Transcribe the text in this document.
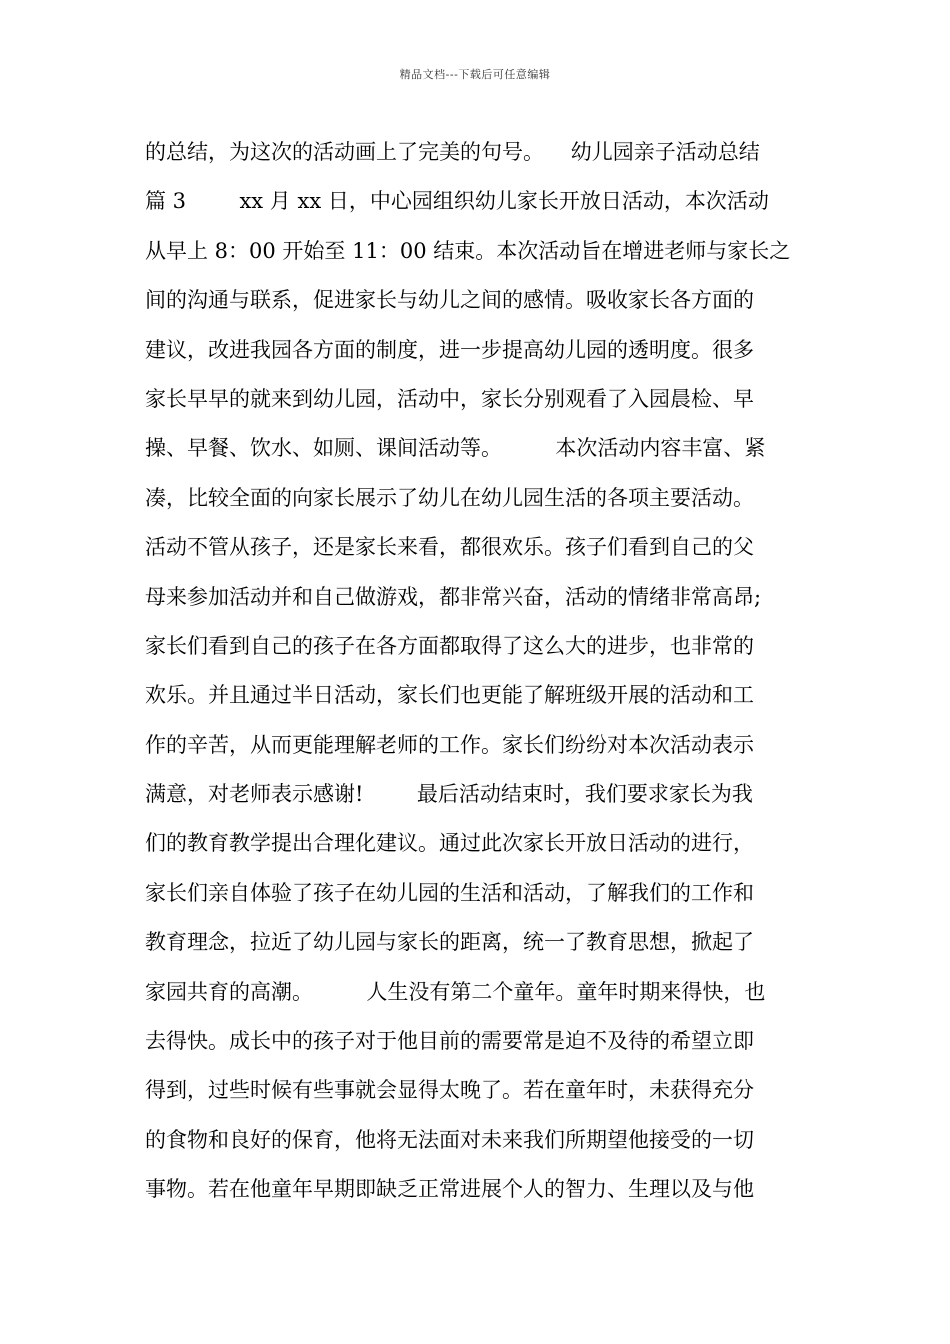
精品文档---下载后可任意编辑
的总结，为这次的活动画上了完美的句号。    幼儿园亲子活动总结
篇 3        xx 月 xx 日，中心园组织幼儿家长开放日活动，本次活动
从早上 8：00 开始至 11：00 结束。本次活动旨在增进老师与家长之
间的沟通与联系，促进家长与幼儿之间的感情。吸收家长各方面的
建议，改进我园各方面的制度，进一步提高幼儿园的透明度。很多
家长早早的就来到幼儿园，活动中，家长分别观看了入园晨检、早
操、早餐、饮水、如厕、课间活动等。        本次活动内容丰富、紧
凑，比较全面的向家长展示了幼儿在幼儿园生活的各项主要活动。
活动不管从孩子，还是家长来看，都很欢乐。孩子们看到自己的父
母来参加活动并和自己做游戏，都非常兴奋，活动的情绪非常高昂;
家长们看到自己的孩子在各方面都取得了这么大的进步，也非常的
欢乐。并且通过半日活动，家长们也更能了解班级开展的活动和工
作的辛苦，从而更能理解老师的工作。家长们纷纷对本次活动表示
满意，对老师表示感谢!        最后活动结束时，我们要求家长为我
们的教育教学提出合理化建议。通过此次家长开放日活动的进行，
家长们亲自体验了孩子在幼儿园的生活和活动，了解我们的工作和
教育理念，拉近了幼儿园与家长的距离，统一了教育思想，掀起了
家园共育的高潮。        人生没有第二个童年。童年时期来得快，也
去得快。成长中的孩子对于他目前的需要常是迫不及待的希望立即
得到，过些时候有些事就会显得太晚了。若在童年时，未获得充分
的食物和良好的保育，他将无法面对未来我们所期望他接受的一切
事物。若在他童年早期即缺乏正常进展个人的智力、生理以及与他
